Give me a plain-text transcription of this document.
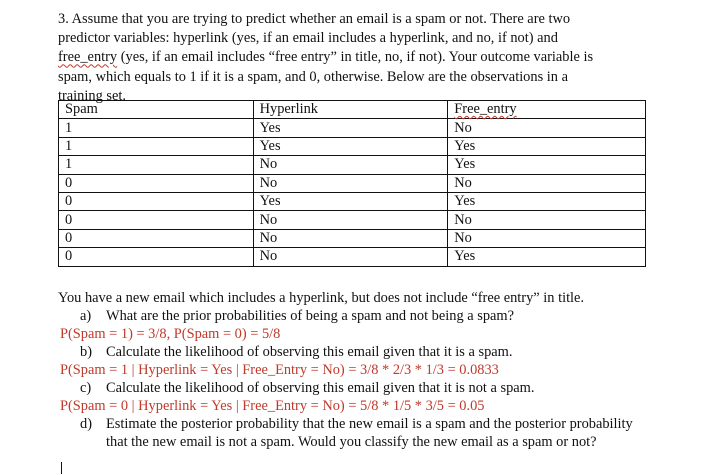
3. Assume that you are trying to predict whether an email is a spam or not. There are two
predictor variables: hyperlink (yes, if an email includes a hyperlink, and no, if not) and
free_entry (yes, if an email includes “free entry” in title, no, if not). Your outcome variable is
spam, which equals to 1 if it is a spam, and 0, otherwise. Below are the observations in a
training set.
Spam	Hyperlink	Free_entry
1	Yes	No
1	Yes	Yes
1	No	Yes
0	No	No
0	Yes	Yes
0	No	No
0	No	No
0	No	Yes
You have a new email which includes a hyperlink, but does not include “free entry” in title.
a)	What are the prior probabilities of being a spam and not being a spam?
P(Spam = 1) = 3/8, P(Spam = 0) = 5/8
b) Calculate the likelihood of observing this email given that it is a spam.
P(Spam = 1 | Hyperlink = Yes | Free_Entry = No) = 3/8 * 2/3 * 1/3 = 0.0833
c)	Calculate the likelihood of observing this email given that it is not a spam.
P(Spam = 0 | Hyperlink = Yes | Free_Entry = No) = 5/8 * 1/5 * 3/5 = 0.05
d) Estimate the posterior probability that the new email is a spam and the posterior probability that the new email is not a spam. Would you classify the new email as a spam or not?
